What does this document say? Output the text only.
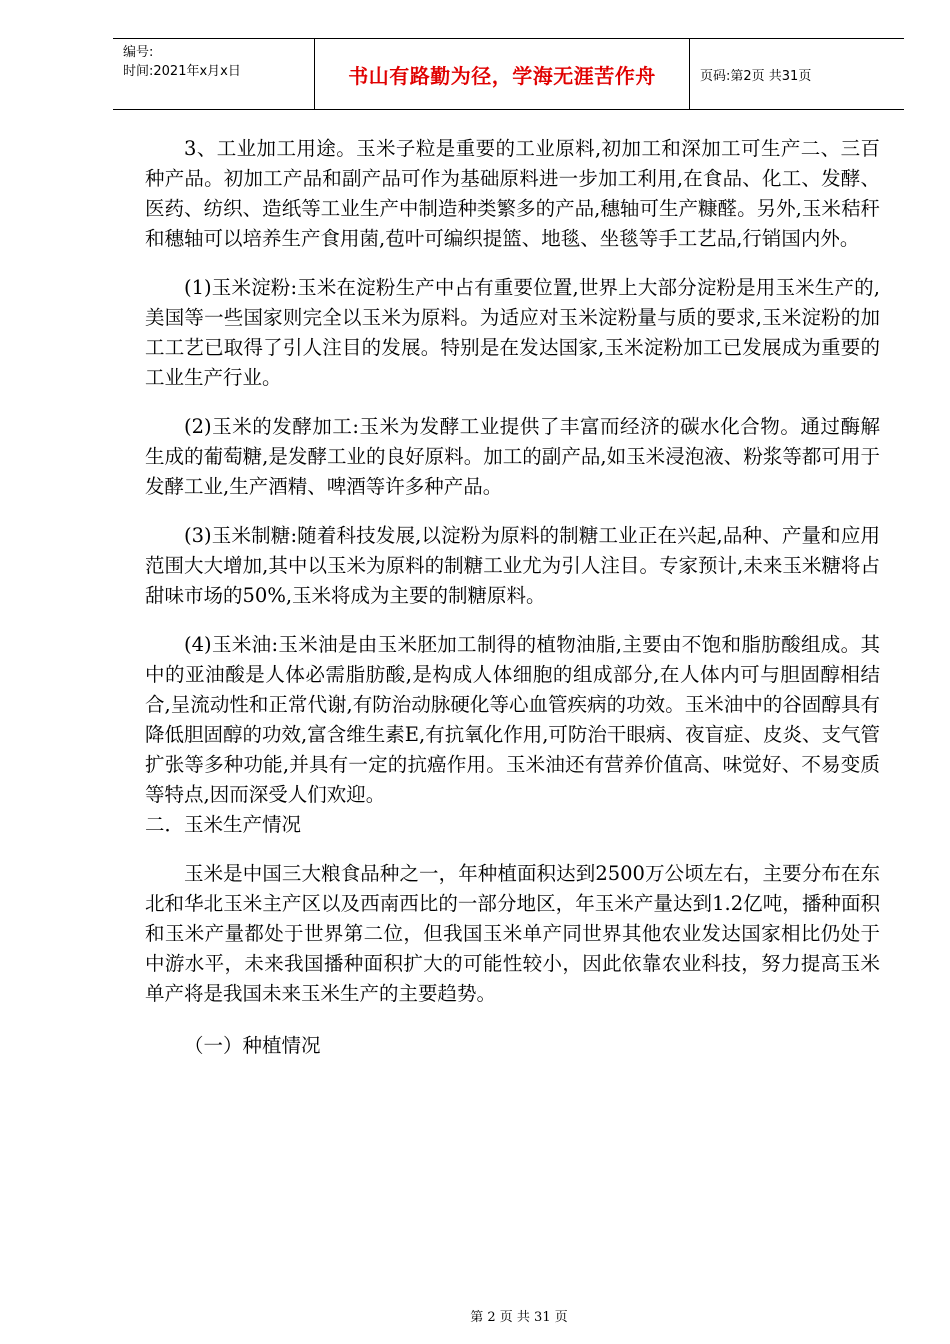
编号:
时间:2021年x月x日	书山有路勤为径，学海无涯苦作舟	页码:第2页 共31页

3、工业加工用途。玉米子粒是重要的工业原料,初加工和深加工可生产二、三百种产品。初加工产品和副产品可作为基础原料进一步加工利用,在食品、化工、发酵、医药、纺织、造纸等工业生产中制造种类繁多的产品,穗轴可生产糠醛。另外,玉米秸秆和穗轴可以培养生产食用菌,苞叶可编织提篮、地毯、坐毯等手工艺品,行销国内外。

(1)玉米淀粉:玉米在淀粉生产中占有重要位置,世界上大部分淀粉是用玉米生产的,美国等一些国家则完全以玉米为原料。为适应对玉米淀粉量与质的要求,玉米淀粉的加工工艺已取得了引人注目的发展。特别是在发达国家,玉米淀粉加工已发展成为重要的工业生产行业。

(2)玉米的发酵加工:玉米为发酵工业提供了丰富而经济的碳水化合物。通过酶解生成的葡萄糖,是发酵工业的良好原料。加工的副产品,如玉米浸泡液、粉浆等都可用于发酵工业,生产酒精、啤酒等许多种产品。

(3)玉米制糖:随着科技发展,以淀粉为原料的制糖工业正在兴起,品种、产量和应用范围大大增加,其中以玉米为原料的制糖工业尤为引人注目。专家预计,未来玉米糖将占甜味市场的50%,玉米将成为主要的制糖原料。

(4)玉米油:玉米油是由玉米胚加工制得的植物油脂,主要由不饱和脂肪酸组成。其中的亚油酸是人体必需脂肪酸,是构成人体细胞的组成部分,在人体内可与胆固醇相结合,呈流动性和正常代谢,有防治动脉硬化等心血管疾病的功效。玉米油中的谷固醇具有降低胆固醇的功效,富含维生素E,有抗氧化作用,可防治干眼病、夜盲症、皮炎、支气管扩张等多种功能,并具有一定的抗癌作用。玉米油还有营养价值高、味觉好、不易变质等特点,因而深受人们欢迎。

二．玉米生产情况

玉米是中国三大粮食品种之一，年种植面积达到2500万公顷左右，主要分布在东北和华北玉米主产区以及西南西比的一部分地区，年玉米产量达到1.2亿吨，播种面积和玉米产量都处于世界第二位，但我国玉米单产同世界其他农业发达国家相比仍处于中游水平，未来我国播种面积扩大的可能性较小，因此依靠农业科技，努力提高玉米单产将是我国未来玉米生产的主要趋势。

（一）种植情况

第 2 页 共 31 页
